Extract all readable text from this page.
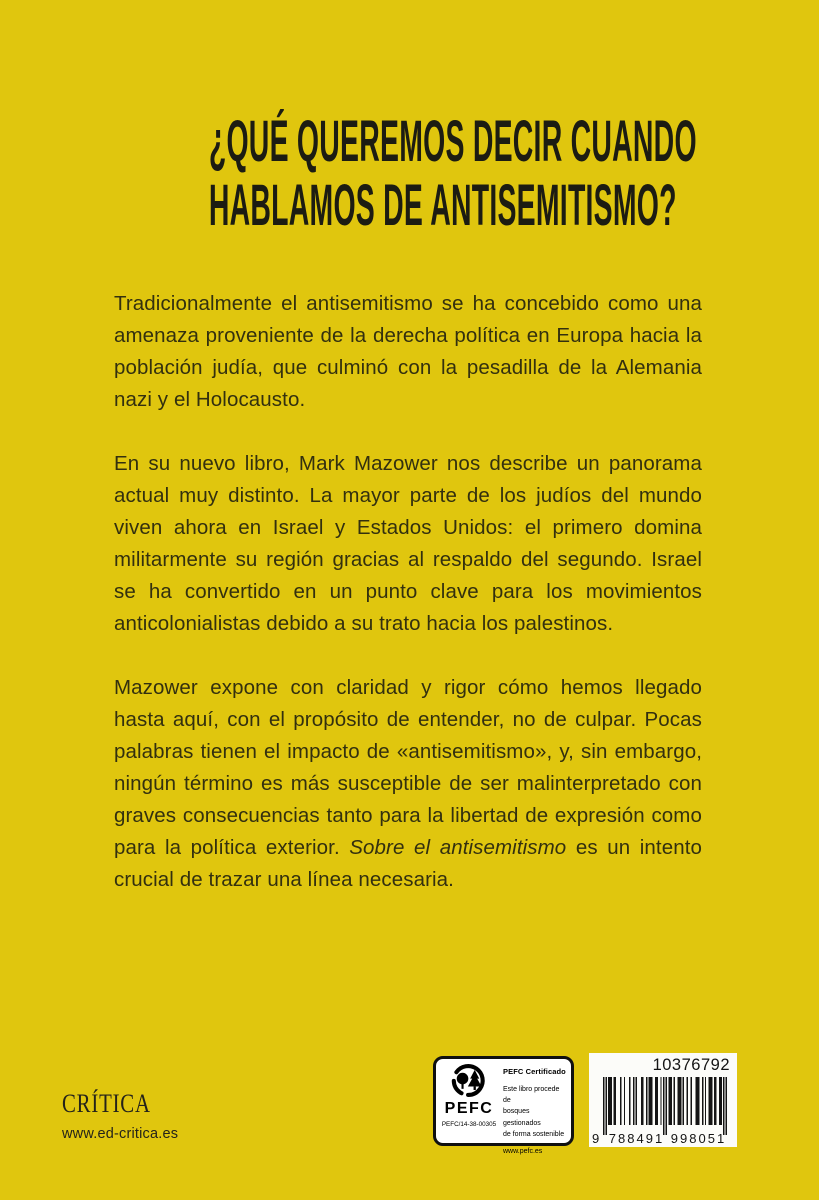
¿QUÉ QUEREMOS DECIR CUANDO
HABLAMOS DE ANTISEMITISMO?

Tradicionalmente el antisemitismo se ha concebido como una amenaza proveniente de la derecha política en Europa hacia la población judía, que culminó con la pesadilla de la Alemania nazi y el Holocausto.

En su nuevo libro, Mark Mazower nos describe un panorama actual muy distinto. La mayor parte de los judíos del mundo viven ahora en Israel y Estados Unidos: el primero domina militarmente su región gracias al respaldo del segundo. Israel se ha convertido en un punto clave para los movimientos anticolonialistas debido a su trato hacia los palestinos.

Mazower expone con claridad y rigor cómo hemos llegado hasta aquí, con el propósito de entender, no de culpar. Pocas palabras tienen el impacto de «antisemitismo», y, sin embargo, ningún término es más susceptible de ser malinterpretado con graves consecuencias tanto para la libertad de expresión como para la política exterior. Sobre el antisemitismo es un intento crucial de trazar una línea necesaria.

CRÍTICA
www.ed-critica.es
PEFC
PEFC/14-38-00305
PEFC Certificado
Este libro procede de
bosques gestionados
de forma sostenible
www.pefc.es
10376792
9 788491 998051
